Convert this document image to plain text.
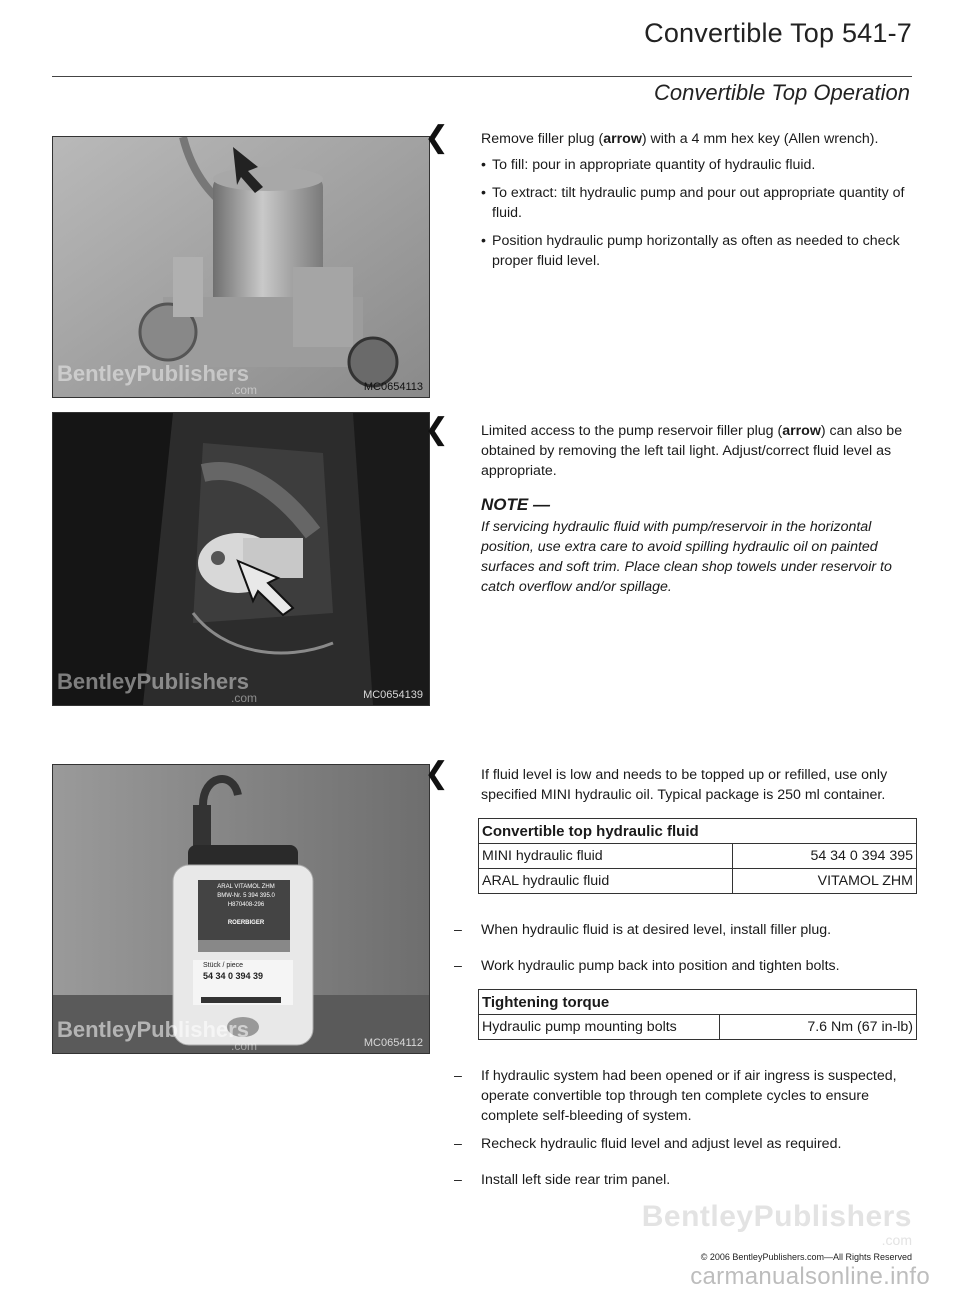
Convertible Top 541-7
Convertible Top Operation
BentleyPublishers
.com	MC0654113
BentleyPublishers
.com	MC0654139
ARAL VITAMOL ZHM
BMW-Nr. 5 394 395.0
H870408-296
ROERBIGER
Stück / piece
54 34 0 394 39
BentleyPublishers
.com	MC0654112
❮ Remove filler plug (arrow) with a 4 mm hex key (Allen wrench).
• To fill: pour in appropriate quantity of hydraulic fluid.
• To extract: tilt hydraulic pump and pour out appropriate quantity of fluid.
• Position hydraulic pump horizontally as often as needed to check proper fluid level.
❮ Limited access to the pump reservoir filler plug (arrow) can also be obtained by removing the left tail light. Adjust/correct fluid level as appropriate.
NOTE —
If servicing hydraulic fluid with pump/reservoir in the horizontal position, use extra care to avoid spilling hydraulic oil on painted surfaces and soft trim. Place clean shop towels under reservoir to catch overflow and/or spillage.
❮ If fluid level is low and needs to be topped up or refilled, use only specified MINI hydraulic oil. Typical package is 250 ml container.
Convertible top hydraulic fluid	
MINI hydraulic fluid	54 34 0 394 395
ARAL hydraulic fluid	VITAMOL ZHM
– When hydraulic fluid is at desired level, install filler plug.
– Work hydraulic pump back into position and tighten bolts.
Tightening torque
Hydraulic pump mounting bolts	7.6 Nm (67 in-lb)
– If hydraulic system had been opened or if air ingress is suspected, operate convertible top through ten complete cycles to ensure complete self-bleeding of system.
– Recheck hydraulic fluid level and adjust level as required.
– Install left side rear trim panel.
BentleyPublishers
.com
© 2006 BentleyPublishers.com—All Rights Reserved
carmanualsonline.info
